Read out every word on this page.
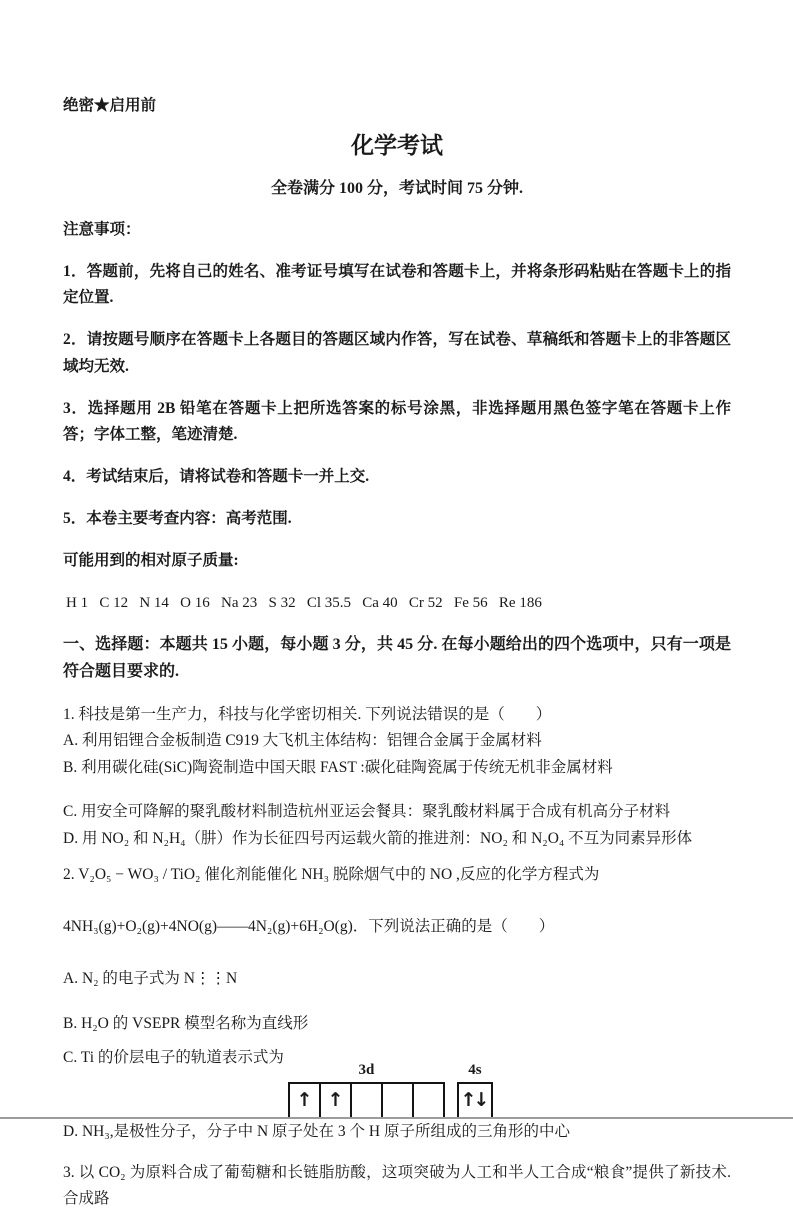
绝密★启用前

化学考试

全卷满分 100 分，考试时间 75 分钟.

注意事项：

1．答题前，先将自己的姓名、准考证号填写在试卷和答题卡上，并将条形码粘贴在答题卡上的指定位置.

2．请按题号顺序在答题卡上各题目的答题区域内作答，写在试卷、草稿纸和答题卡上的非答题区域均无效.

3．选择题用 2B 铅笔在答题卡上把所选答案的标号涂黑，非选择题用黑色签字笔在答题卡上作答；字体工整，笔迹清楚.

4．考试结束后，请将试卷和答题卡一并上交.

5．本卷主要考查内容：高考范围.

可能用到的相对原子质量:

H 1   C 12   N 14   O 16   Na 23   S 32   Cl 35.5   Ca 40   Cr 52   Fe 56   Re 186

一、选择题：本题共 15 小题，每小题 3 分，共 45 分. 在每小题给出的四个选项中，只有一项是符合题目要求的.

1. 科技是第一生产力，科技与化学密切相关. 下列说法错误的是（　　）

A. 利用铝锂合金板制造 C919 大飞机主体结构：铝锂合金属于金属材料

B. 利用碳化硅(SiC)陶瓷制造中国天眼 FAST :碳化硅陶瓷属于传统无机非金属材料

C. 用安全可降解的聚乳酸材料制造杭州亚运会餐具：聚乳酸材料属于合成有机高分子材料

D. 用 NO₂ 和 N₂H₄（肼）作为长征四号丙运载火箭的推进剂：NO₂ 和 N₂O₄ 不互为同素异形体

2. V₂O₅ − WO₃ / TiO₂ 催化剂能催化 NH₃ 脱除烟气中的 NO ,反应的化学方程式为

4NH₃(g)+O₂(g)+4NO(g)——4N₂(g)+6H₂O(g)．下列说法正确的是（　　）

A. N₂ 的电子式为 N⋮⋮N

B. H₂O 的 VSEPR 模型名称为直线形

C. Ti 的价层电子的轨道表示式为
3d
↑ ↑
4s
↑↓

D. NH₃,是极性分子，分子中 N 原子处在 3 个 H 原子所组成的三角形的中心

3. 以 CO₂ 为原料合成了葡萄糖和长链脂肪酸，这项突破为人工和半人工合成“粮食”提供了新技术. 合成路
